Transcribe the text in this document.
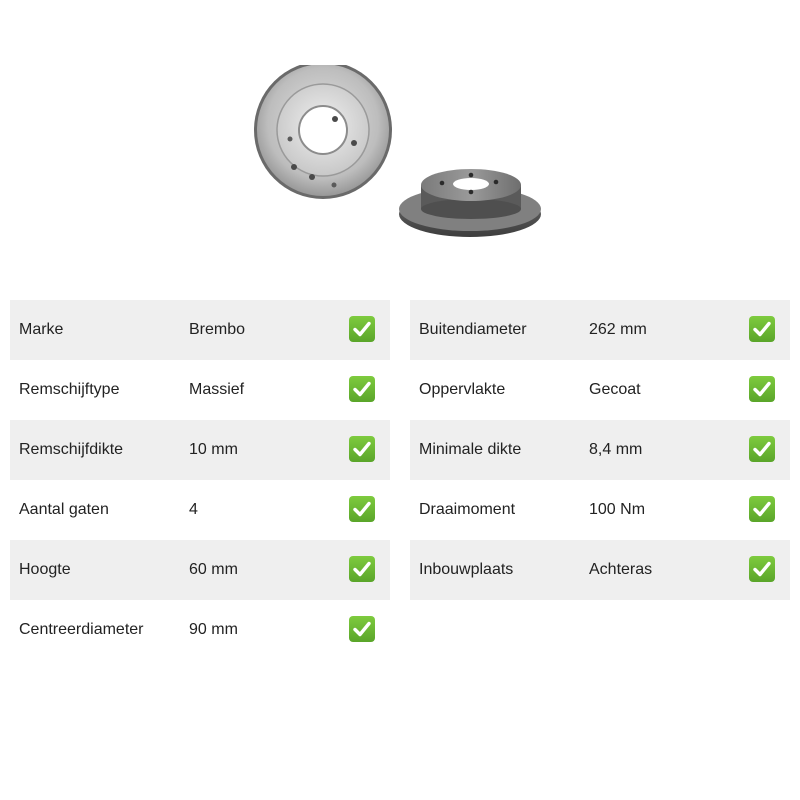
Marke	Brembo
Remschijftype	Massief
Remschijfdikte	10 mm
Aantal gaten	4
Hoogte	60 mm
Centreerdiameter	90 mm
Buitendiameter	262 mm
Oppervlakte	Gecoat
Minimale dikte	8,4 mm
Draaimoment	100 Nm
Inbouwplaats	Achteras
